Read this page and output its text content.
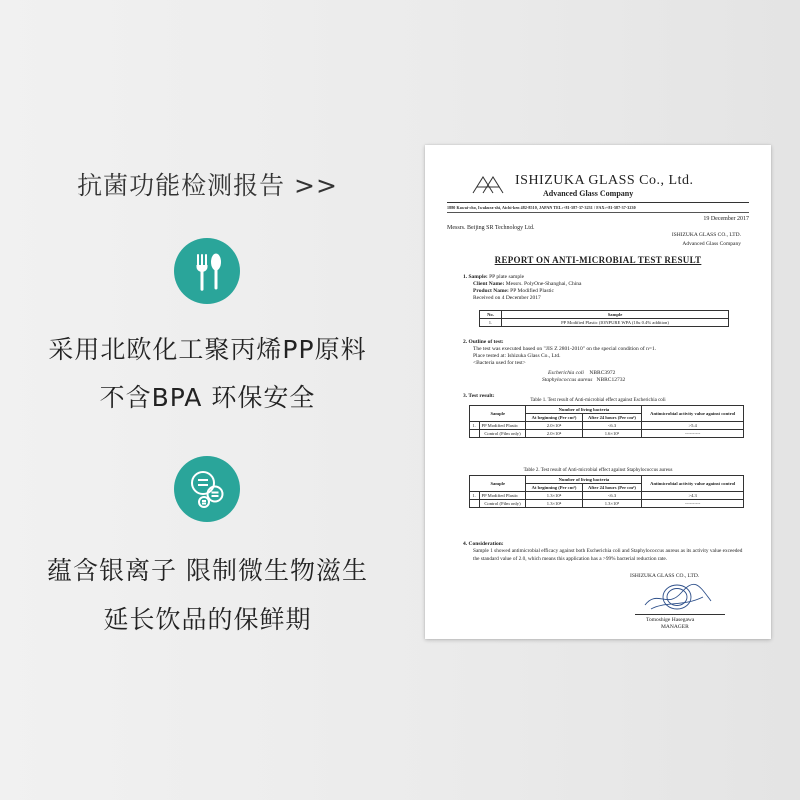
抗菌功能检测报告 >>
采用北欧化工聚丙烯PP原料
不含BPA 环保安全
蕴含银离子 限制微生物滋生
延长饮品的保鲜期
ISHIZUKA GLASS Co., Ltd.
Advanced Glass Company
1880 Kawai-cho, Iwakura-shi, Aichi-ken 482-8510, JAPAN TEL:+81-587-37-3231 / FAX:+81-587-37-3230
19 December 2017
Messrs. Beijing SR Technology Ltd.
ISHIZUKA GLASS CO., LTD.
Advanced Glass Company
REPORT ON ANTI-MICROBIAL TEST RESULT
1. Sample: PP plate sample
Client Name: Messrs. PolyOne-Shanghai, China
Product Name: PP Modified Plastic
Received on 4 December 2017
No.	Sample
1.	PP Modified Plastic (IONPURE WPA (10u 0.4% addition)
2. Outline of test:
The test was executed based on "JIS Z 2801-2010" on the special condition of n=1.
Place tested at: Ishizuka Glass Co., Ltd.
<Bacteria used for test>
Escherichia coli NBRC3972
Staphylococcus aureus NBRC12732
3. Test result:
Table 1. Test result of Anti-microbial effect against Escherichia coli
Sample		Number of living bacteria		Antimicrobial activity value against control
		At beginning (Per cm²)	After 24 hours (Per cm²)	
1.	PP Modified Plastic	2.0×10⁴	<6.3	>5.4
	Control (Film only)	2.0×10⁴	1.6×10⁶	----------
Table 2. Test result of Anti-microbial effect against Staphylococcus aureus
Sample		Number of living bacteria		Antimicrobial activity value against control
		At beginning (Per cm²)	After 24 hours (Per cm²)	
1.	PP Modified Plastic	1.3×10⁴	<6.3	>4.3
	Control (Film only)	1.3×10⁴	1.3×10⁵	----------
4. Consideration:
Sample 1 showed antimicrobial efficacy against both Escherichia coli and Staphylococcus aureus as its activity value exceeded the standard value of 2.0, which means this application has a >99% bacterial reduction rate.
ISHIZUKA GLASS CO., LTD.
Tomoshige Hasegawa
MANAGER
